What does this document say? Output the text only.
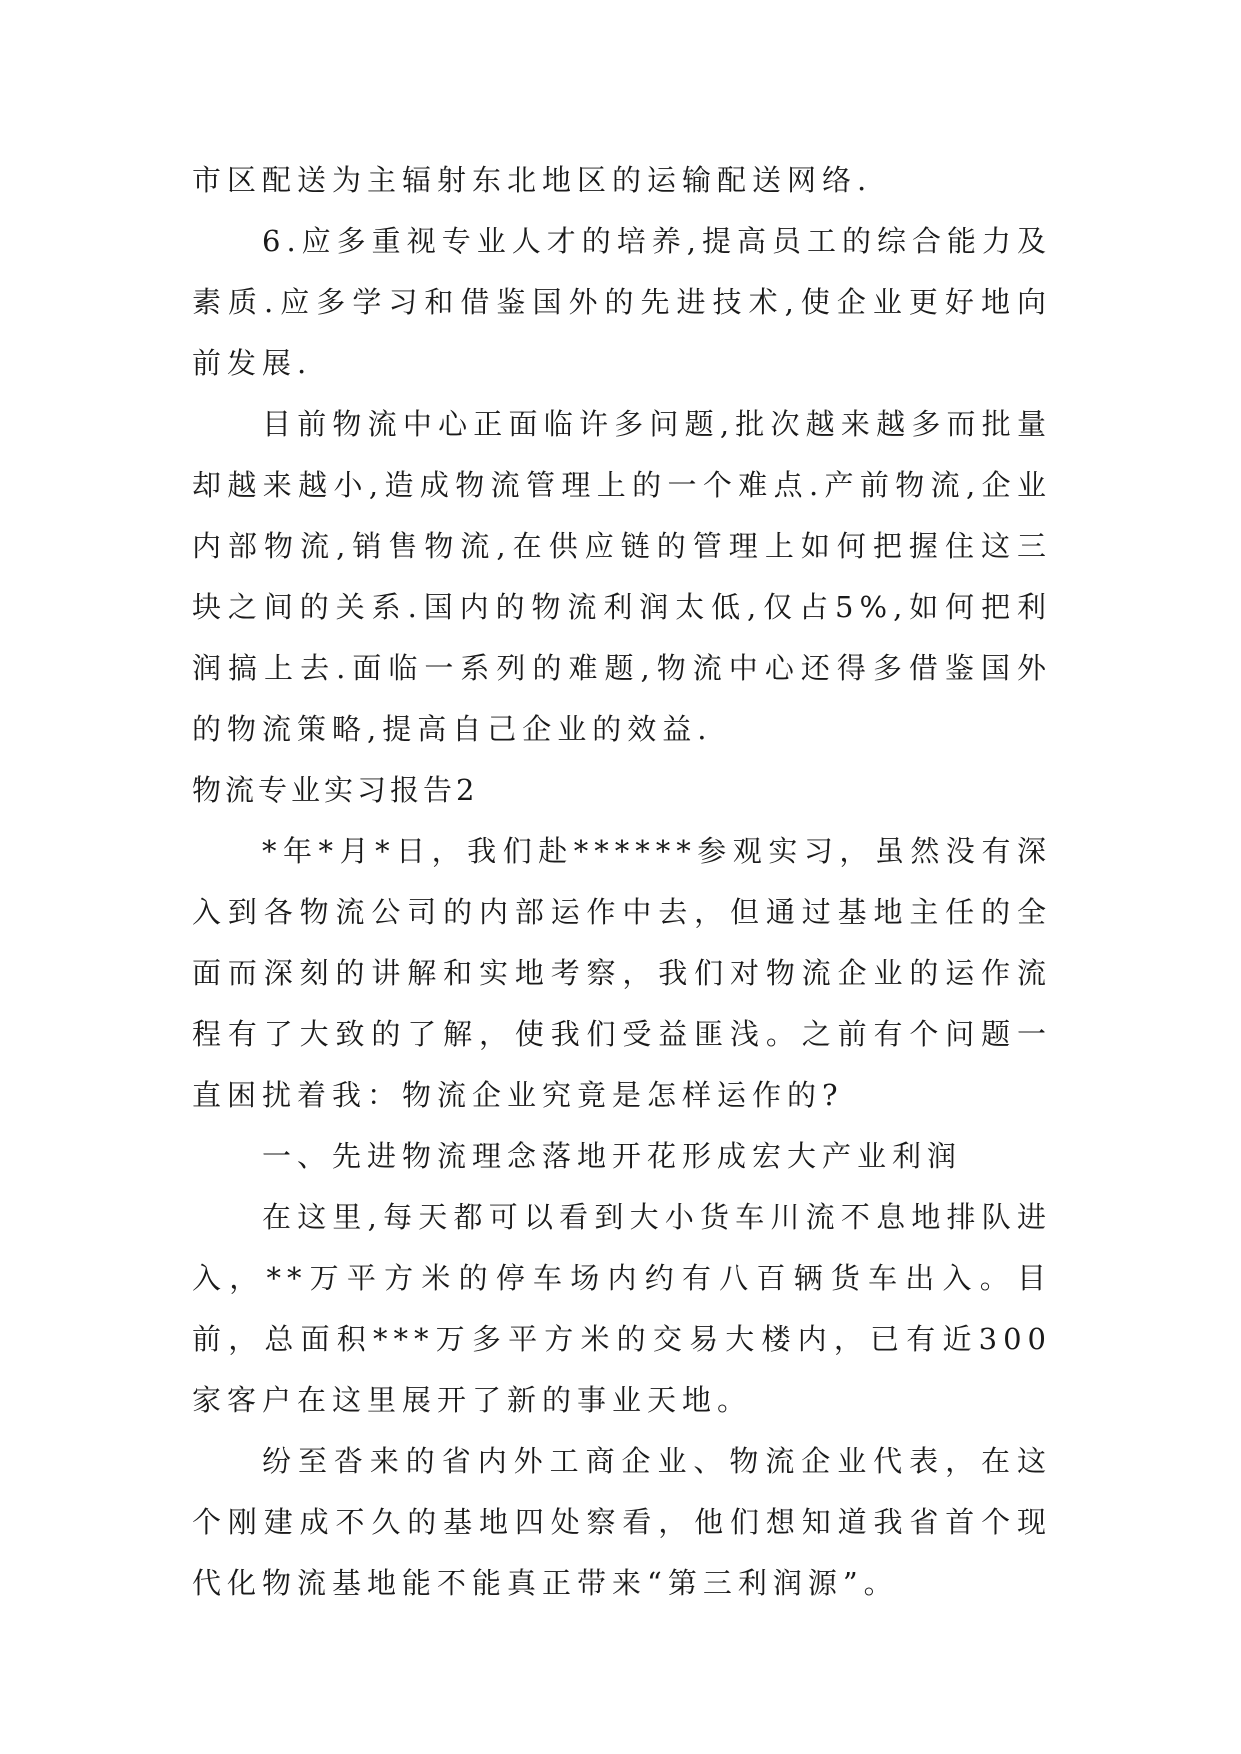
市区配送为主辐射东北地区的运输配送网络.

6.应多重视专业人才的培养,提高员工的综合能力及素质.应多学习和借鉴国外的先进技术,使企业更好地向前发展.

目前物流中心正面临许多问题,批次越来越多而批量却越来越小,造成物流管理上的一个难点.产前物流,企业内部物流,销售物流,在供应链的管理上如何把握住这三块之间的关系.国内的物流利润太低,仅占5%,如何把利润搞上去.面临一系列的难题,物流中心还得多借鉴国外的物流策略,提高自己企业的效益.

物流专业实习报告2

*年*月*日，我们赴******参观实习，虽然没有深入到各物流公司的内部运作中去，但通过基地主任的全面而深刻的讲解和实地考察，我们对物流企业的运作流程有了大致的了解，使我们受益匪浅。之前有个问题一直困扰着我：物流企业究竟是怎样运作的?

一、先进物流理念落地开花形成宏大产业利润

在这里,每天都可以看到大小货车川流不息地排队进入，**万平方米的停车场内约有八百辆货车出入。目前，总面积***万多平方米的交易大楼内，已有近300家客户在这里展开了新的事业天地。

纷至沓来的省内外工商企业、物流企业代表，在这个刚建成不久的基地四处察看，他们想知道我省首个现代化物流基地能不能真正带来“第三利润源”。
